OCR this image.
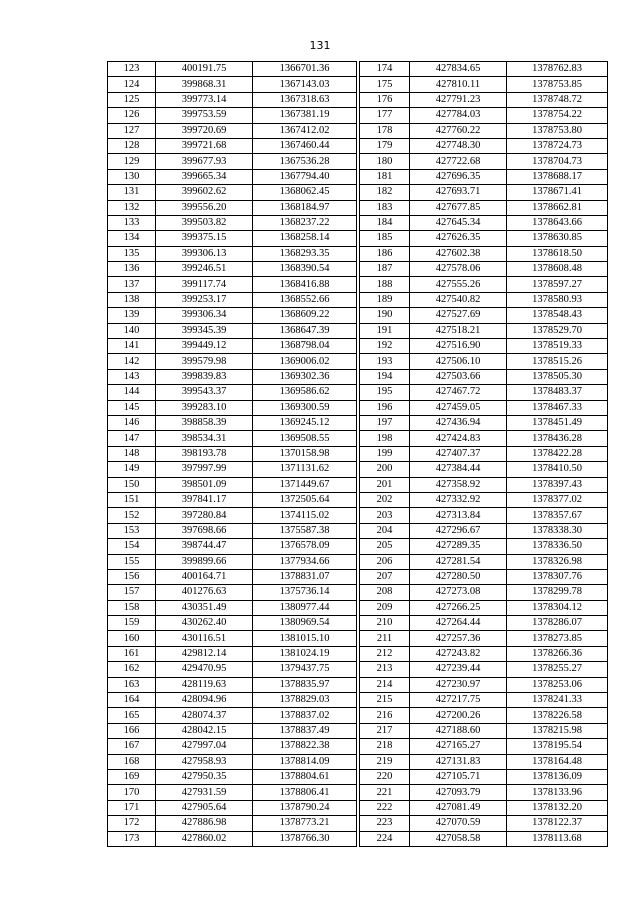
131
123	400191.75	1366701.36
124	399868.31	1367143.03
125	399773.14	1367318.63
126	399753.59	1367381.19
127	399720.69	1367412.02
128	399721.68	1367460.44
129	399677.93	1367536.28
130	399665.34	1367794.40
131	399602.62	1368062.45
132	399556.20	1368184.97
133	399503.82	1368237.22
134	399375.15	1368258.14
135	399306.13	1368293.35
136	399246.51	1368390.54
137	399117.74	1368416.88
138	399253.17	1368552.66
139	399306.34	1368609.22
140	399345.39	1368647.39
141	399449.12	1368798.04
142	399579.98	1369006.02
143	399839.83	1369302.36
144	399543.37	1369586.62
145	399283.10	1369300.59
146	398858.39	1369245.12
147	398534.31	1369508.55
148	398193.78	1370158.98
149	397997.99	1371131.62
150	398501.09	1371449.67
151	397841.17	1372505.64
152	397280.84	1374115.02
153	397698.66	1375587.38
154	398744.47	1376578.09
155	399899.66	1377934.66
156	400164.71	1378831.07
157	401276.63	1375736.14
158	430351.49	1380977.44
159	430262.40	1380969.54
160	430116.51	1381015.10
161	429812.14	1381024.19
162	429470.95	1379437.75
163	428119.63	1378835.97
164	428094.96	1378829.03
165	428074.37	1378837.02
166	428042.15	1378837.49
167	427997.04	1378822.38
168	427958.93	1378814.09
169	427950.35	1378804.61
170	427931.59	1378806.41
171	427905.64	1378790.24
172	427886.98	1378773.21
173	427860.02	1378766.30
174	427834.65	1378762.83
175	427810.11	1378753.85
176	427791.23	1378748.72
177	427784.03	1378754.22
178	427760.22	1378753.80
179	427748.30	1378724.73
180	427722.68	1378704.73
181	427696.35	1378688.17
182	427693.71	1378671.41
183	427677.85	1378662.81
184	427645.34	1378643.66
185	427626.35	1378630.85
186	427602.38	1378618.50
187	427578.06	1378608.48
188	427555.26	1378597.27
189	427540.82	1378580.93
190	427527.69	1378548.43
191	427518.21	1378529.70
192	427516.90	1378519.33
193	427506.10	1378515.26
194	427503.66	1378505.30
195	427467.72	1378483.37
196	427459.05	1378467.33
197	427436.94	1378451.49
198	427424.83	1378436.28
199	427407.37	1378422.28
200	427384.44	1378410.50
201	427358.92	1378397.43
202	427332.92	1378377.02
203	427313.84	1378357.67
204	427296.67	1378338.30
205	427289.35	1378336.50
206	427281.54	1378326.98
207	427280.50	1378307.76
208	427273.08	1378299.78
209	427266.25	1378304.12
210	427264.44	1378286.07
211	427257.36	1378273.85
212	427243.82	1378266.36
213	427239.44	1378255.27
214	427230.97	1378253.06
215	427217.75	1378241.33
216	427200.26	1378226.58
217	427188.60	1378215.98
218	427165.27	1378195.54
219	427131.83	1378164.48
220	427105.71	1378136.09
221	427093.79	1378133.96
222	427081.49	1378132.20
223	427070.59	1378122.37
224	427058.58	1378113.68
